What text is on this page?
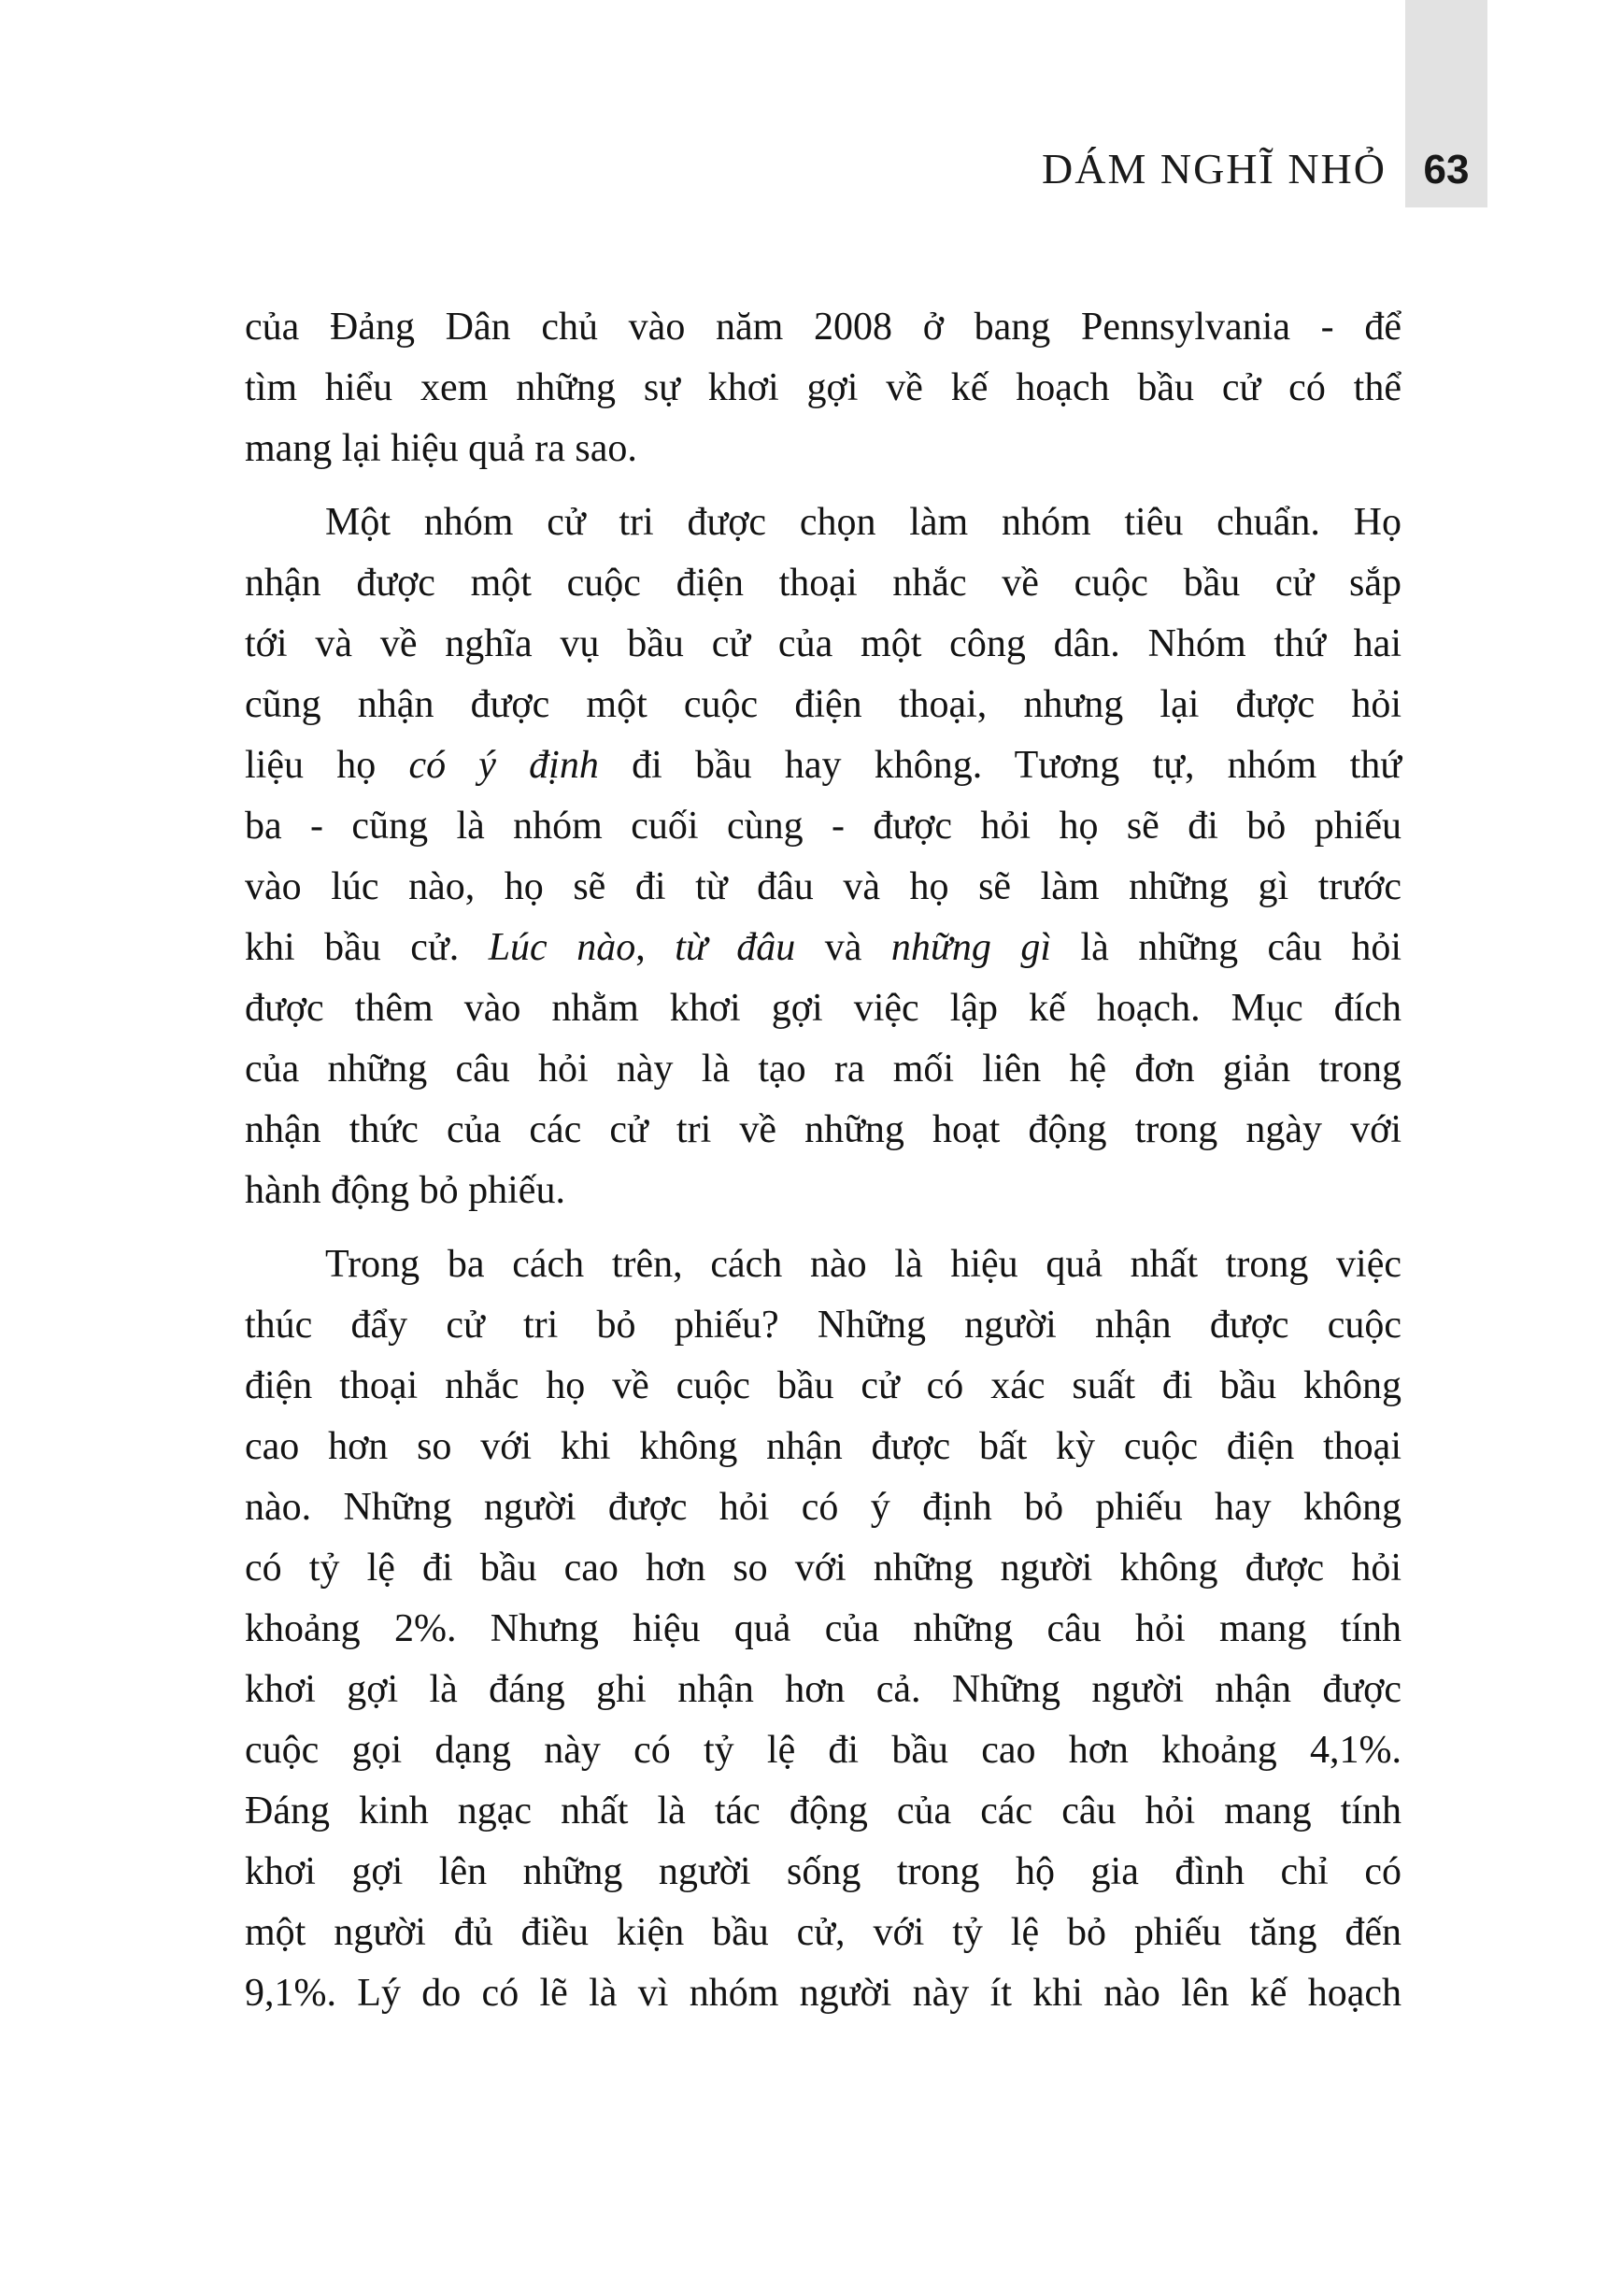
DÁM NGHĨ NHỎ 63
của Đảng Dân chủ vào năm 2008 ở bang Pennsylvania - để
tìm hiểu xem những sự khơi gợi về kế hoạch bầu cử có thể
mang lại hiệu quả ra sao.
Một nhóm cử tri được chọn làm nhóm tiêu chuẩn. Họ
nhận được một cuộc điện thoại nhắc về cuộc bầu cử sắp
tới và về nghĩa vụ bầu cử của một công dân. Nhóm thứ hai
cũng nhận được một cuộc điện thoại, nhưng lại được hỏi
liệu họ có ý định đi bầu hay không. Tương tự, nhóm thứ
ba - cũng là nhóm cuối cùng - được hỏi họ sẽ đi bỏ phiếu
vào lúc nào, họ sẽ đi từ đâu và họ sẽ làm những gì trước
khi bầu cử. Lúc nào, từ đâu và những gì là những câu hỏi
được thêm vào nhằm khơi gợi việc lập kế hoạch. Mục đích
của những câu hỏi này là tạo ra mối liên hệ đơn giản trong
nhận thức của các cử tri về những hoạt động trong ngày với
hành động bỏ phiếu.
Trong ba cách trên, cách nào là hiệu quả nhất trong việc
thúc đẩy cử tri bỏ phiếu? Những người nhận được cuộc
điện thoại nhắc họ về cuộc bầu cử có xác suất đi bầu không
cao hơn so với khi không nhận được bất kỳ cuộc điện thoại
nào. Những người được hỏi có ý định bỏ phiếu hay không
có tỷ lệ đi bầu cao hơn so với những người không được hỏi
khoảng 2%. Nhưng hiệu quả của những câu hỏi mang tính
khơi gợi là đáng ghi nhận hơn cả. Những người nhận được
cuộc gọi dạng này có tỷ lệ đi bầu cao hơn khoảng 4,1%.
Đáng kinh ngạc nhất là tác động của các câu hỏi mang tính
khơi gợi lên những người sống trong hộ gia đình chỉ có
một người đủ điều kiện bầu cử, với tỷ lệ bỏ phiếu tăng đến
9,1%. Lý do có lẽ là vì nhóm người này ít khi nào lên kế hoạch
